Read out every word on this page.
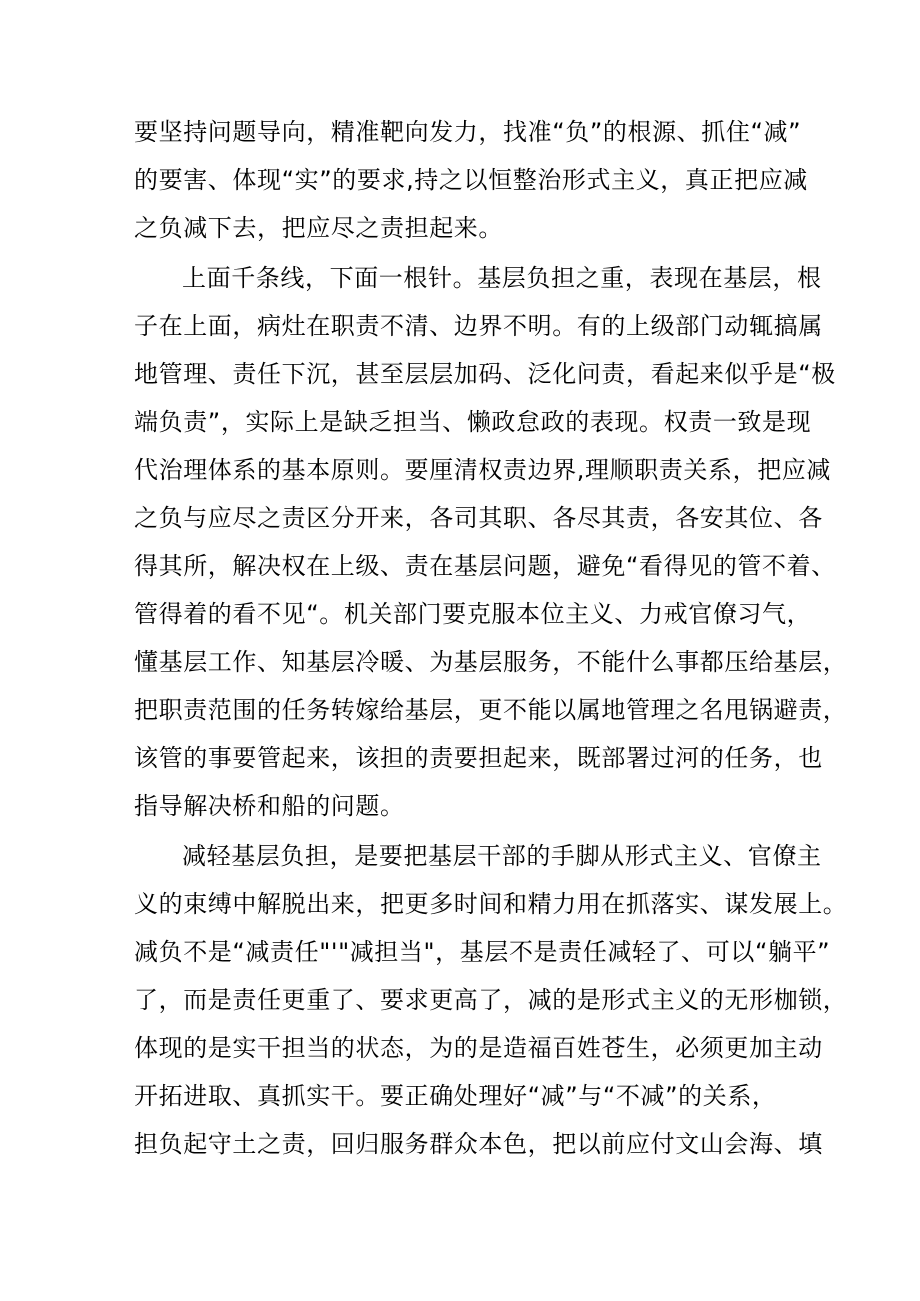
要坚持问题导向，精准靶向发力，找准“负”的根源、抓住“减”
的要害、体现“实”的要求,持之以恒整治形式主义，真正把应减
之负减下去，把应尽之责担起来。
上面千条线，下面一根针。基层负担之重，表现在基层，根
子在上面，病灶在职责不清、边界不明。有的上级部门动辄搞属
地管理、责任下沉，甚至层层加码、泛化问责，看起来似乎是“极
端负责”，实际上是缺乏担当、懒政怠政的表现。权责一致是现
代治理体系的基本原则。要厘清权责边界,理顺职责关系，把应减
之负与应尽之责区分开来，各司其职、各尽其责，各安其位、各
得其所，解决权在上级、责在基层问题，避免“看得见的管不着、
管得着的看不见“。机关部门要克服本位主义、力戒官僚习气，
懂基层工作、知基层冷暖、为基层服务，不能什么事都压给基层，
把职责范围的任务转嫁给基层，更不能以属地管理之名甩锅避责，
该管的事要管起来，该担的责要担起来，既部署过河的任务，也
指导解决桥和船的问题。
减轻基层负担，是要把基层干部的手脚从形式主义、官僚主
义的束缚中解脱出来，把更多时间和精力用在抓落实、谋发展上。
减负不是“减责任"'"减担当"，基层不是责任减轻了、可以“躺平”
了，而是责任更重了、要求更高了，减的是形式主义的无形枷锁，
体现的是实干担当的状态，为的是造福百姓苍生，必须更加主动
开拓进取、真抓实干。要正确处理好“减”与“不减”的关系，
担负起守土之责，回归服务群众本色，把以前应付文山会海、填
